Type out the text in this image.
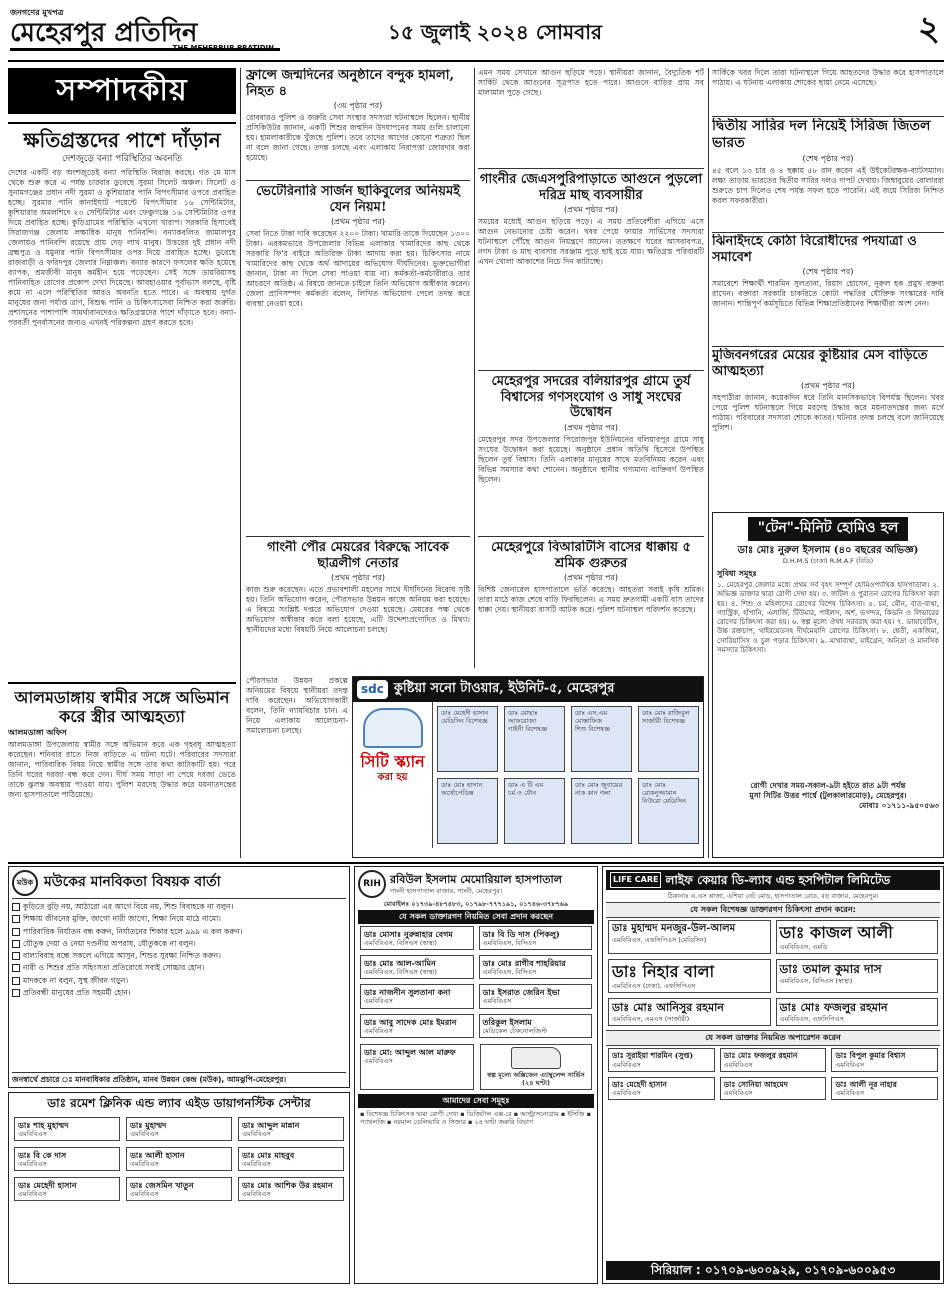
জনগণের মুখপত্র
মেহেরপুর প্রতিদিন
THE MEHERPUR PRATIDIN
১৫ জুলাই ২০২৪ সোমবার	২
সম্পাদকীয়
ক্ষতিগ্রস্তদের পাশে দাঁড়ান
দেশজুড়ে বন্যা পরিস্থিতির অবনতি
দেশের একটি বড় অংশজুড়েই বন্যা পরিস্থিতি বিরাজ করছে। গত মে মাস থেকে শুরু করে এ পর্যন্ত চারবার ডুবেছে সুরমা সিলেট অঞ্চল। সিলেট ও সুনামগঞ্জের প্রধান নদী সুরমা ও কুশিয়ারার পানি বিপৎসীমার ওপরে প্রবাহিত হচ্ছে। সুরমার পানি কানাইঘাট পয়েন্টে বিপৎসীমার ১৬ সেন্টিমিটার, কুশিয়ারার অমলশিদে ২৩ সেন্টিমিটার এবং ফেঞ্চুগঞ্জে ১৬ সেন্টিমিটার ওপর দিয়ে প্রবাহিত হচ্ছে। কুড়িগ্রামের পরিস্থিতি এখনো খারাপ। সরকারি হিসাবেই সিরাজগঞ্জ জেলায় লক্ষাধিক মানুষ পানিবন্দি। বন্যাকবলিত জামালপুর জেলায়ও পানিবন্দি রয়েছে প্রায় দেড় লাখ মানুষ। উত্তরের দুই প্রধান নদী ব্রহ্মপুত্র ও যমুনার পানি বিপৎসীমার ওপর দিয়ে প্রবাহিত হচ্ছে। ডুবেছে রাজবাড়ী ও ফরিদপুর জেলার নিম্নাঞ্চল। বন্যার কারণে ফসলের ক্ষতি হয়েছে ব্যাপক, শ্রমজীবী মানুষ কর্মহীন হয়ে পড়েছেন। সেই সঙ্গে ডায়রিয়াসহ পানিবাহিত রোগের প্রকোপ দেখা দিয়েছে। আবহাওয়ার পূর্বাভাস বলছে, বৃষ্টি কমে না এলে পরিস্থিতির আরও অবনতি হতে পারে। এ অবস্থায় দুর্গত মানুষের জন্য পর্যাপ্ত ত্রাণ, বিশুদ্ধ পানি ও চিকিৎসাসেবা নিশ্চিত করা জরুরি। প্রশাসনের পাশাপাশি সামর্থ্যবানদেরও ক্ষতিগ্রস্তদের পাশে দাঁড়াতে হবে। বন্যা-পরবর্তী পুনর্বাসনের জন্যও এখনই পরিকল্পনা গ্রহণ করতে হবে।
আলমডাঙ্গায় স্বামীর সঙ্গে অভিমান করে স্ত্রীর আত্মহত্যা
আলমডাঙ্গা অফিস
আলমডাঙ্গা উপজেলায় স্বামীর সঙ্গে অভিমান করে এক গৃহবধূ আত্মহত্যা করেছেন। শনিবার রাতে নিজ বাড়িতে এ ঘটনা ঘটে। পরিবারের সদস্যরা জানান, পারিবারিক বিষয় নিয়ে স্বামীর সঙ্গে তার কথা কাটাকাটি হয়। পরে তিনি ঘরের দরজা বন্ধ করে দেন। দীর্ঘ সময় সাড়া না পেয়ে দরজা ভেঙে তাকে ঝুলন্ত অবস্থায় পাওয়া যায়। পুলিশ মরদেহ উদ্ধার করে ময়নাতদন্তের জন্য হাসপাতালে পাঠিয়েছে।
ফ্রান্সে জন্মদিনের অনুষ্ঠানে বন্দুক হামলা, নিহত ৪
(৩য় পৃষ্ঠার পর)
রোববারও পুলিশ ও জরুরি সেবা সংস্থার সদস্যরা ঘটনাস্থলে ছিলেন। ছানীয় প্রসিকিউটর জানান, একটি শিশুর জন্মদিন উদযাপনের সময় গুলি চালানো হয়। হামলাকারীকে খুঁজছে পুলিশ। তবে তাদের আগের কোনো শত্রুতা ছিল না বলে জানা গেছে। তদন্ত চলছে এবং এলাকায় নিরাপত্তা জোরদার করা হয়েছে।
ভেটেরিনারি সার্জন ছাকিবুলের অনিয়মই যেন নিয়ম!
(প্রথম পৃষ্ঠার পর)
সেবা নিতে টাকা দাবি করেছেন ২২০০ টাকা। খামারি তাকে দিয়েছেন ১৩০০ টাকা। এরকমভাবে উপজেলার বিভিন্ন এলাকার খামারিদের কাছ থেকে সরকারি ফি'র বাইরে অতিরিক্ত টাকা আদায় করা হয়। চিকিৎসার নামে খামারিদের কাছ থেকে অর্থ আদায়ের অভিযোগ দীর্ঘদিনের। ভুক্তভোগীরা জানান, টাকা না দিলে সেবা পাওয়া যায় না। কর্মকর্তা-কর্মচারীরাও তার আচরণে অতিষ্ঠ। এ বিষয়ে জানতে চাইলে তিনি অভিযোগ অস্বীকার করেন। জেলা প্রাণিসম্পদ কর্মকর্তা বলেন, লিখিত অভিযোগ পেলে তদন্ত করে ব্যবস্থা নেওয়া হবে।
গাংনী পৌর মেয়রের বিরুদ্ধে সাবেক ছাত্রলীগ নেতার
(প্রথম পৃষ্ঠার পর)
কাজ শুরু করেছেন। এতে প্রভাবশালী মহলের সাথে দীর্ঘদিনের বিরোধ সৃষ্টি হয়। তিনি অভিযোগ করেন, পৌরসভার উন্নয়ন কাজে অনিয়ম করা হয়েছে। এ বিষয়ে সংশ্লিষ্ট দপ্তরে অভিযোগ দেওয়া হয়েছে। মেয়রের পক্ষ থেকে অভিযোগ অস্বীকার করে বলা হয়েছে, এটি উদ্দেশ্যপ্রণোদিত ও মিথ্যা। স্থানীয়দের মধ্যে বিষয়টি নিয়ে আলোচনা চলছে।
এমন সময় সেখানে আগুন ছড়িয়ে পড়ে। স্থানীয়রা জানান, বৈদ্যুতিক শর্ট সার্কিট থেকে আগুনের সূত্রপাত হতে পারে। আগুনে বাড়ির প্রায় সব মালামাল পুড়ে গেছে।
গাংনীর জেএসপুরিপাড়াতে আগুনে পুড়লো দরিদ্র মাছ ব্যবসায়ীর
(প্রথম পৃষ্ঠার পর)
সময়ের মধ্যেই আগুন ছড়িয়ে পড়ে। এ সময় প্রতিবেশীরা এগিয়ে এসে আগুন নেভানোর চেষ্টা করেন। খবর পেয়ে ফায়ার সার্ভিসের সদস্যরা ঘটনাস্থলে পৌঁছে আগুন নিয়ন্ত্রণে আনেন। ততক্ষণে ঘরের আসবাবপত্র, নগদ টাকা ও মাছ ব্যবসার সরঞ্জাম পুড়ে ছাই হয়ে যায়। ক্ষতিগ্রস্ত পরিবারটি এখন খোলা আকাশের নিচে দিন কাটাচ্ছে।
মেহেরপুর সদরের বলিয়ারপুর গ্রামে তুর্য বিশ্বাসের গণসংযোগ ও সাধু সংঘের উদ্বোধন
(প্রথম পৃষ্ঠার পর)
মেহেরপুর সদর উপজেলার পিরোজপুর ইউনিয়নের বলিয়ারপুর গ্রামে সাধু সংঘের উদ্বোধন করা হয়েছে। অনুষ্ঠানে প্রধান অতিথি হিসেবে উপস্থিত ছিলেন তুর্য বিশ্বাস। তিনি এলাকার মানুষের সাথে মতবিনিময় করেন এবং বিভিন্ন সমস্যার কথা শোনেন। অনুষ্ঠানে স্থানীয় গণ্যমান্য ব্যক্তিবর্গ উপস্থিত ছিলেন।
মেহেরপুরে বিআরটিসি বাসের ধাক্কায় ৫ শ্রমিক গুরুতর
(প্রথম পৃষ্ঠার পর)
বিশিষ্ট জেনারেল হাসপাতালে ভর্তি করেছে। আহতরা সবাই কৃষি শ্রমিক। তারা মাঠে কাজ শেষে বাড়ি ফিরছিলেন। এ সময় দ্রুতগামী একটি বাস তাদের ধাক্কা দেয়। স্থানীয়রা বাসটি আটক করে। পুলিশ ঘটনাস্থল পরিদর্শন করেছে।
সার্কিকে খবর দিলে তারা ঘটনাস্থলে গিয়ে আহতদের উদ্ধার করে হাসপাতালে পাঠায়। এ ঘটনায় এলাকায় শোকের ছায়া নেমে এসেছে।
দ্বিতীয় সারির দল নিয়েই সিরিজ জিতল ভারত
(শেষ পৃষ্ঠার পর)
৪৫ বলে ১৩ চার ও ৪ ছক্কায় ৫৮ রান করেন এই উইকেটরক্ষক-ব্যাটসম্যান। লক্ষ্য তাড়ায় ভারতের দ্বিতীয় সারির দলও দাপট দেখায়। জিম্বাবুয়ের বোলাররা শুরুতে চাপ দিলেও শেষ পর্যন্ত সফল হতে পারেনি। এই জয়ে সিরিজ নিশ্চিত করল সফরকারীরা।
ঝিনাইদহে কোঠা বিরোধীদের পদযাত্রা ও সমাবেশ
(শেষ পৃষ্ঠার পর)
সমাবেশে শিক্ষার্থী শারমিন সুলতানা, রিয়াদ হোসেন, নূরুল হক প্রমুখ বক্তব্য রাখেন। বক্তারা সরকারি চাকরিতে কোটা পদ্ধতির যৌক্তিক সংস্কারের দাবি জানান। শান্তিপূর্ণ কর্মসূচিতে বিভিন্ন শিক্ষাপ্রতিষ্ঠানের শিক্ষার্থীরা অংশ নেন।
মুজিবনগরের মেয়ের কুষ্টিয়ার মেস বাড়িতে আত্মহত্যা
(প্রথম পৃষ্ঠার পর)
সহপাঠীরা জানান, কয়েকদিন ধরে তিনি মানসিকভাবে বিপর্যস্ত ছিলেন। খবর পেয়ে পুলিশ ঘটনাস্থলে গিয়ে মরদেহ উদ্ধার করে ময়নাতদন্তের জন্য মর্গে পাঠায়। পরিবারের সদস্যরা শোকে কাতর। ঘটনার তদন্ত চলছে বলে জানিয়েছে পুলিশ।
"টেন"-মিনিট হোমিও হল
ডাঃ মোঃ নুরুল ইসলাম (৪০ বছরের অভিজ্ঞ)
D.H.M.S (ঢাকা) R.M.A.F (বিডি)
সুবিধা সমূহঃ
১. মেহেরপুর জেলার মধ্যে প্রথম সর্ব বৃহৎ সম্পূর্ণ হোমিওপ্যাথিক হাসপাতাল। ২. অভিজ্ঞ ডাক্তার দ্বারা রোগী দেখা হয়। ৩. জটিল ও পুরাতন রোগের চিকিৎসা করা হয়। ৪. শিশু ও মহিলাদের রোগের বিশেষ চিকিৎসা। ৫. চর্ম, যৌন, বাত-ব্যথা, গ্যাস্ট্রিক, হাঁপানি, এলার্জি, টিউমার, পাইলস, অর্শ, ভগন্দর, কিডনি ও লিভারের রোগের চিকিৎসা করা হয়। ৬. স্বল্প মূল্যে ঔষধ সরবরাহ করা হয়। ৭. ডায়াবেটিস, উচ্চ রক্তচাপ, থাইরয়েডসহ দীর্ঘমেয়াদি রোগের চিকিৎসা। ৮. শ্বেতী, একজিমা, সোরিয়াসিস ও চুল পড়ার চিকিৎসা। ৯. মাথাব্যথা, মাইগ্রেন, অনিদ্রা ও মানসিক সমস্যার চিকিৎসা।
রোগী দেখার সময়-সকাল-৯টা হইতে রাত ৯টা পর্যন্ত
মুসা সিটির উত্তর পার্শ্বে (টুলকালারমোড়), মেহেরপুর।
মোবাঃ ০১৭১১-৯৫০৫৬৩
sdc কুষ্টিয়া সনো টাওয়ার, ইউনিট-৫, মেহেরপুর
সিটি স্ক্যান
করা হয়
ডাঃ মেহেদী হাসান
মেডিসিন বিশেষজ্ঞ
ডাঃ মোছাঃ আফরোজা
গাইনী বিশেষজ্ঞ
ডাঃ এস.এম মোস্তাফিজ
শিশু বিশেষজ্ঞ
ডাঃ মোঃ রাজিবুল
সার্জারী বিশেষজ্ঞ
ডাঃ মোঃ হাসান
অর্থোপেডিক্স
ডাঃ এ টি এম
চর্ম ও যৌন
ডাঃ মোঃ জুবায়ের
নাক কান গলা
ডাঃ মোঃ রোকনুজ্জামান
নিউরো মেডিসিন
পৌরসভার উন্নয়ন প্রকল্পে অনিয়মের বিষয়ে স্থানীয়রা তদন্ত দাবি করেছেন। অভিযোগকারী বলেন, তিনি ন্যায়বিচার চান। এ নিয়ে এলাকায় আলোচনা-সমালোচনা চলছে।
মউক মউকের মানবিকতা বিষয়ক বার্তা
কুড়িতে বুড়ি নয়, আঠারো এর আগে বিয়ে নয়, শিশু বিবাহকে না বলুন।
শিক্ষায় জীবনের মুক্তি, জাগো নারী জাগো, শিক্ষা নিয়ে মাঠে নামো।
পারিবারিক নির্যাতন বন্ধ করুন, নির্যাতনের শিকার হলে ৯৯৯ এ কল করুন।
যৌতুক দেয়া ও নেয়া দণ্ডনীয় অপরাধ, যৌতুককে না বলুন।
বাল্যবিবাহ বন্ধে সকলে এগিয়ে আসুন, শিশুর সুরক্ষা নিশ্চিত করুন।
নারী ও শিশুর প্রতি সহিংসতা প্রতিরোধে সবাই সোচ্চার হোন।
মাদককে না বলুন, সুস্থ জীবন গড়ুন।
প্রতিবন্ধী মানুষের প্রতি সহমর্মী হোন।
জনস্বার্থে প্রচারে ঃ মানবাধিকার প্রতিষ্ঠান, মানব উন্নয়ন কেন্দ্র (মউক), আমঝুপি-মেহেরপুর।
ডাঃ রমেশ ক্লিনিক এন্ড ল্যাব এইড ডায়াগনস্টিক সেন্টার
ডাঃ শাহ মুহাম্মদ
এমবিবিএস
ডাঃ মুহাম্মদ
এমবিবিএস
ডাঃ আব্দুল মান্নান
এমবিবিএস
ডাঃ বি কে দাস
এমবিবিএস
ডাঃ আলী হাসান
এমবিবিএস
ডাঃ মোঃ মাহবুব
এমবিবিএস
ডাঃ মেহেদী হাসান
এমবিবিএস
ডাঃ জেসমিন খাতুন
এমবিবিএস
ডাঃ মোঃ আশিক উর রহমান
এমবিবিএস
RIH রবিউল ইসলাম মেমোরিয়াল হাসপাতাল
গাংনী হাসপাতাল বাজার, গাংনী, মেহেরপুর।
মোবাইলঃ ০১৭৩৯-৪৮৭৪৮৩, ০১৭৯৮-৭৭৭১৯১, ০১৭৪৬-৩৭৮৭৬৯
যে সকল ডাক্তারগণ নিয়মিত সেবা প্রদান করছেন
ডাঃ মোসাঃ নুরুন্নাহার বেগম
এমবিবিএস, বিসিএস (স্বাস্থ্য)
ডাঃ বি ডি দাস (পিকলু)
এমবিবিএস, বিসিএস
ডাঃ মোঃ আল-আমিন
এমবিবিএস, বিসিএস (স্বাস্থ্য)
ডাঃ মোঃ রাগীব শাহরিয়ার
এমবিবিএস, বিসিএস
ডাঃ নাজনীন সুলতানা কনা
এমবিবিএস
ডাঃ ইসরাত জেরিন ইভা
এমবিবিএস
ডাঃ আবু সাদেক মোঃ ইমরান
এমবিবিএস
তরিকুল ইসলাম
মেডিকেল টেকনোলজিস্ট
ডাঃ মো: আব্দুল আল মারুফ
এমবিবিএস
স্বল্প মূল্যে অক্সিজেন এ্যাম্বুলেন্স সার্ভিস (২৪ ঘণ্টা)
আমাদের সেবা সমূহঃ
▪ বিশেষজ্ঞ চিকিৎসক দ্বারা রোগী দেখা ▪ ডিজিটাল এক্স-রে ▪ আল্ট্রাসনোগ্রাম ▪ ইসিজি ▪ প্যাথলজি ▪ নরমাল ডেলিভারি ও সিজার ▪ ২৪ ঘণ্টা জরুরি বিভাগ
LIFE CARE লাইফ কেয়ার ডি-ল্যাব এন্ড হসপিটাল লিমিটেড
ঠিকানাঃ এ.এস প্লাজা, এশিয়া নেট মোড়, হাসপাতাল রোড, বড় বাজার, মেহেরপুর।
যে সকল বিশেষজ্ঞ ডাক্তারগণ চিকিৎসা প্রদান করেন:
ডাঃ মুহাম্মদ মনজুর-উল-আলম
এমবিবিএস, এফসিপিএস (মেডিসিন)	ডাঃ কাজল আলী
এমবিবিএস, এমডি
ডাঃ নিহার বালা
এমবিবিএস (ঢাকা), এফসিপিএস
ডাঃ তমাল কুমার দাস
এমবিবিএস, বিসিএস (স্বাস্থ্য)
ডাঃ মোঃ আনিসুর রহমান
এমবিবিএস, এমএস (সার্জারী)
ডাঃ মোঃ ফজলুর রহমান
এমবিবিএস, এফসিপিএস
যে সকল ডাক্তার নিয়মিত অপারেশন করেন
ডাঃ সুরাইয়া শারমিন (সুপ্ত)
এমবিবিএস
ডাঃ মোঃ ফজলুর রহমান
এমবিবিএস
ডাঃ বিপুল কুমার বিশ্বাস
এমবিবিএস
ডাঃ মেহেদী হাসান
এমবিবিএস
ডাঃ সোনিয়া আহমেদ
এমবিবিএস
ডাঃ আলী নূর নাহার
এমবিবিএস
সিরিয়াল : ০১৭০৯-৬০০৯২৯, ০১৭০৯-৬০০৯৫৩
